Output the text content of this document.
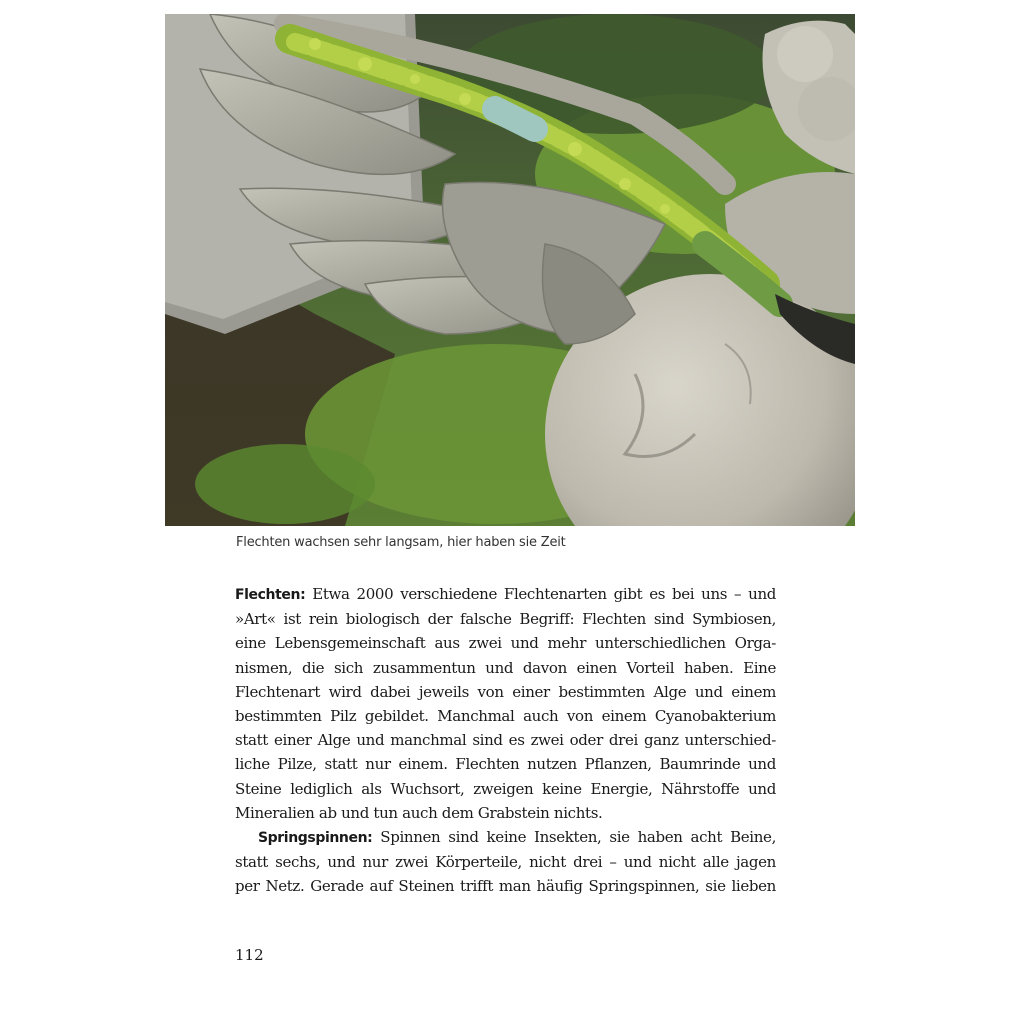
Flechten wachsen sehr langsam, hier haben sie Zeit

Flechten: Etwa 2000 verschiedene Flechtenarten gibt es bei uns – und

»Art« ist rein biologisch der falsche Begriff: Flechten sind Symbiosen,

eine Lebensgemeinschaft aus zwei und mehr unterschiedlichen Orga-

nismen, die sich zusammentun und davon einen Vorteil haben. Eine

Flechtenart wird dabei jeweils von einer bestimmten Alge und einem

bestimmten Pilz gebildet. Manchmal auch von einem Cyanobakterium

statt einer Alge und manchmal sind es zwei oder drei ganz unterschied-

liche Pilze, statt nur einem. Flechten nutzen Pflanzen, Baumrinde und

Steine lediglich als Wuchsort, zweigen keine Energie, Nährstoffe und

Mineralien ab und tun auch dem Grabstein nichts.

Springspinnen: Spinnen sind keine Insekten, sie haben acht Beine,

statt sechs, und nur zwei Körperteile, nicht drei – und nicht alle jagen

per Netz. Gerade auf Steinen trifft man häufig Springspinnen, sie lieben

112
